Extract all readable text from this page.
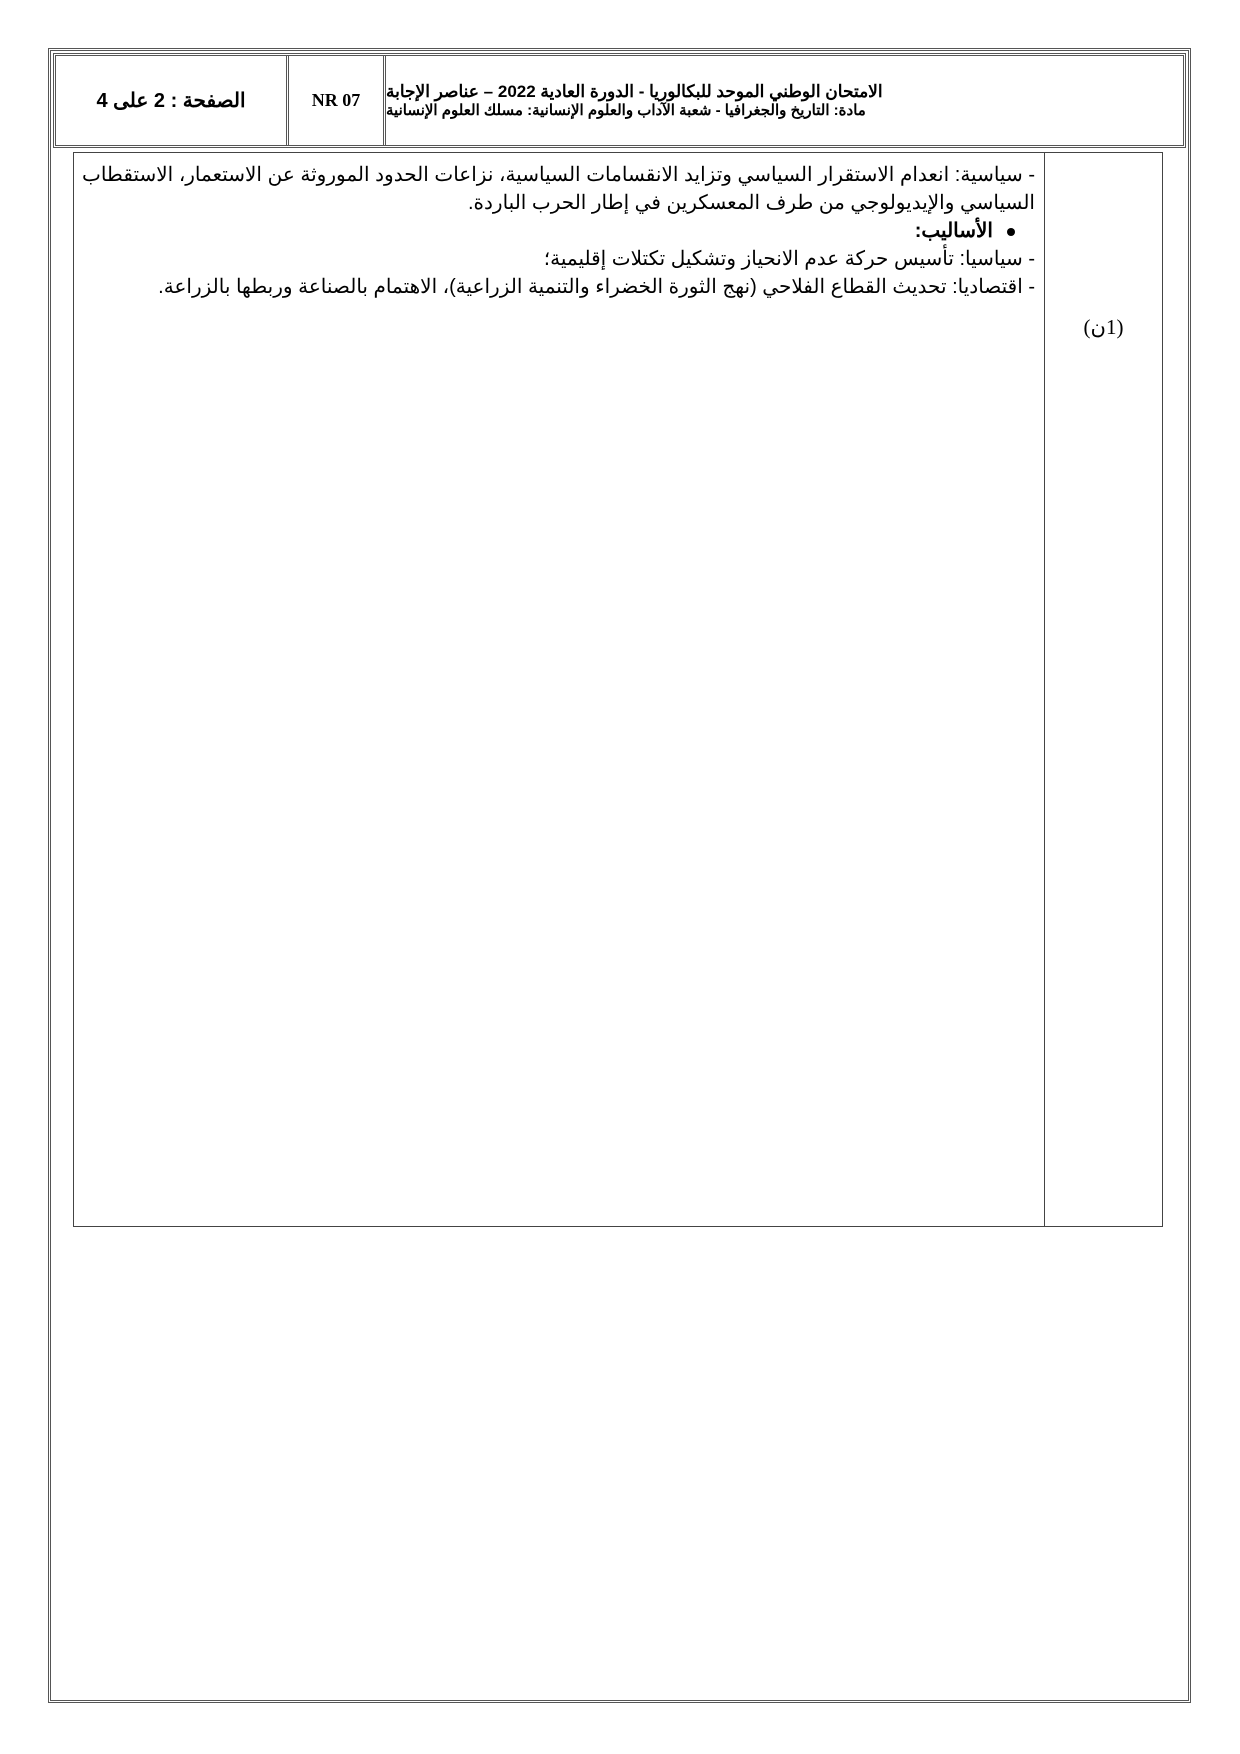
الصفحة : 2 على 4	NR 07	الامتحان الوطني الموحد للبكالوريا - الدورة العادية 2022 – عناصر الإجابة
مادة: التاريخ والجغرافيا - شعبة الآداب والعلوم الإنسانية: مسلك العلوم الإنسانية
(1ن)

- سياسية: انعدام الاستقرار السياسي وتزايد الانقسامات السياسية، نزاعات الحدود الموروثة عن الاستعمار، الاستقطاب السياسي والإيديولوجي من طرف المعسكرين في إطار الحرب الباردة.

الأساليب:

- سياسيا: تأسيس حركة عدم الانحياز وتشكيل تكتلات إقليمية؛

- اقتصاديا: تحديث القطاع الفلاحي (نهج الثورة الخضراء والتنمية الزراعية)، الاهتمام بالصناعة وربطها بالزراعة.
